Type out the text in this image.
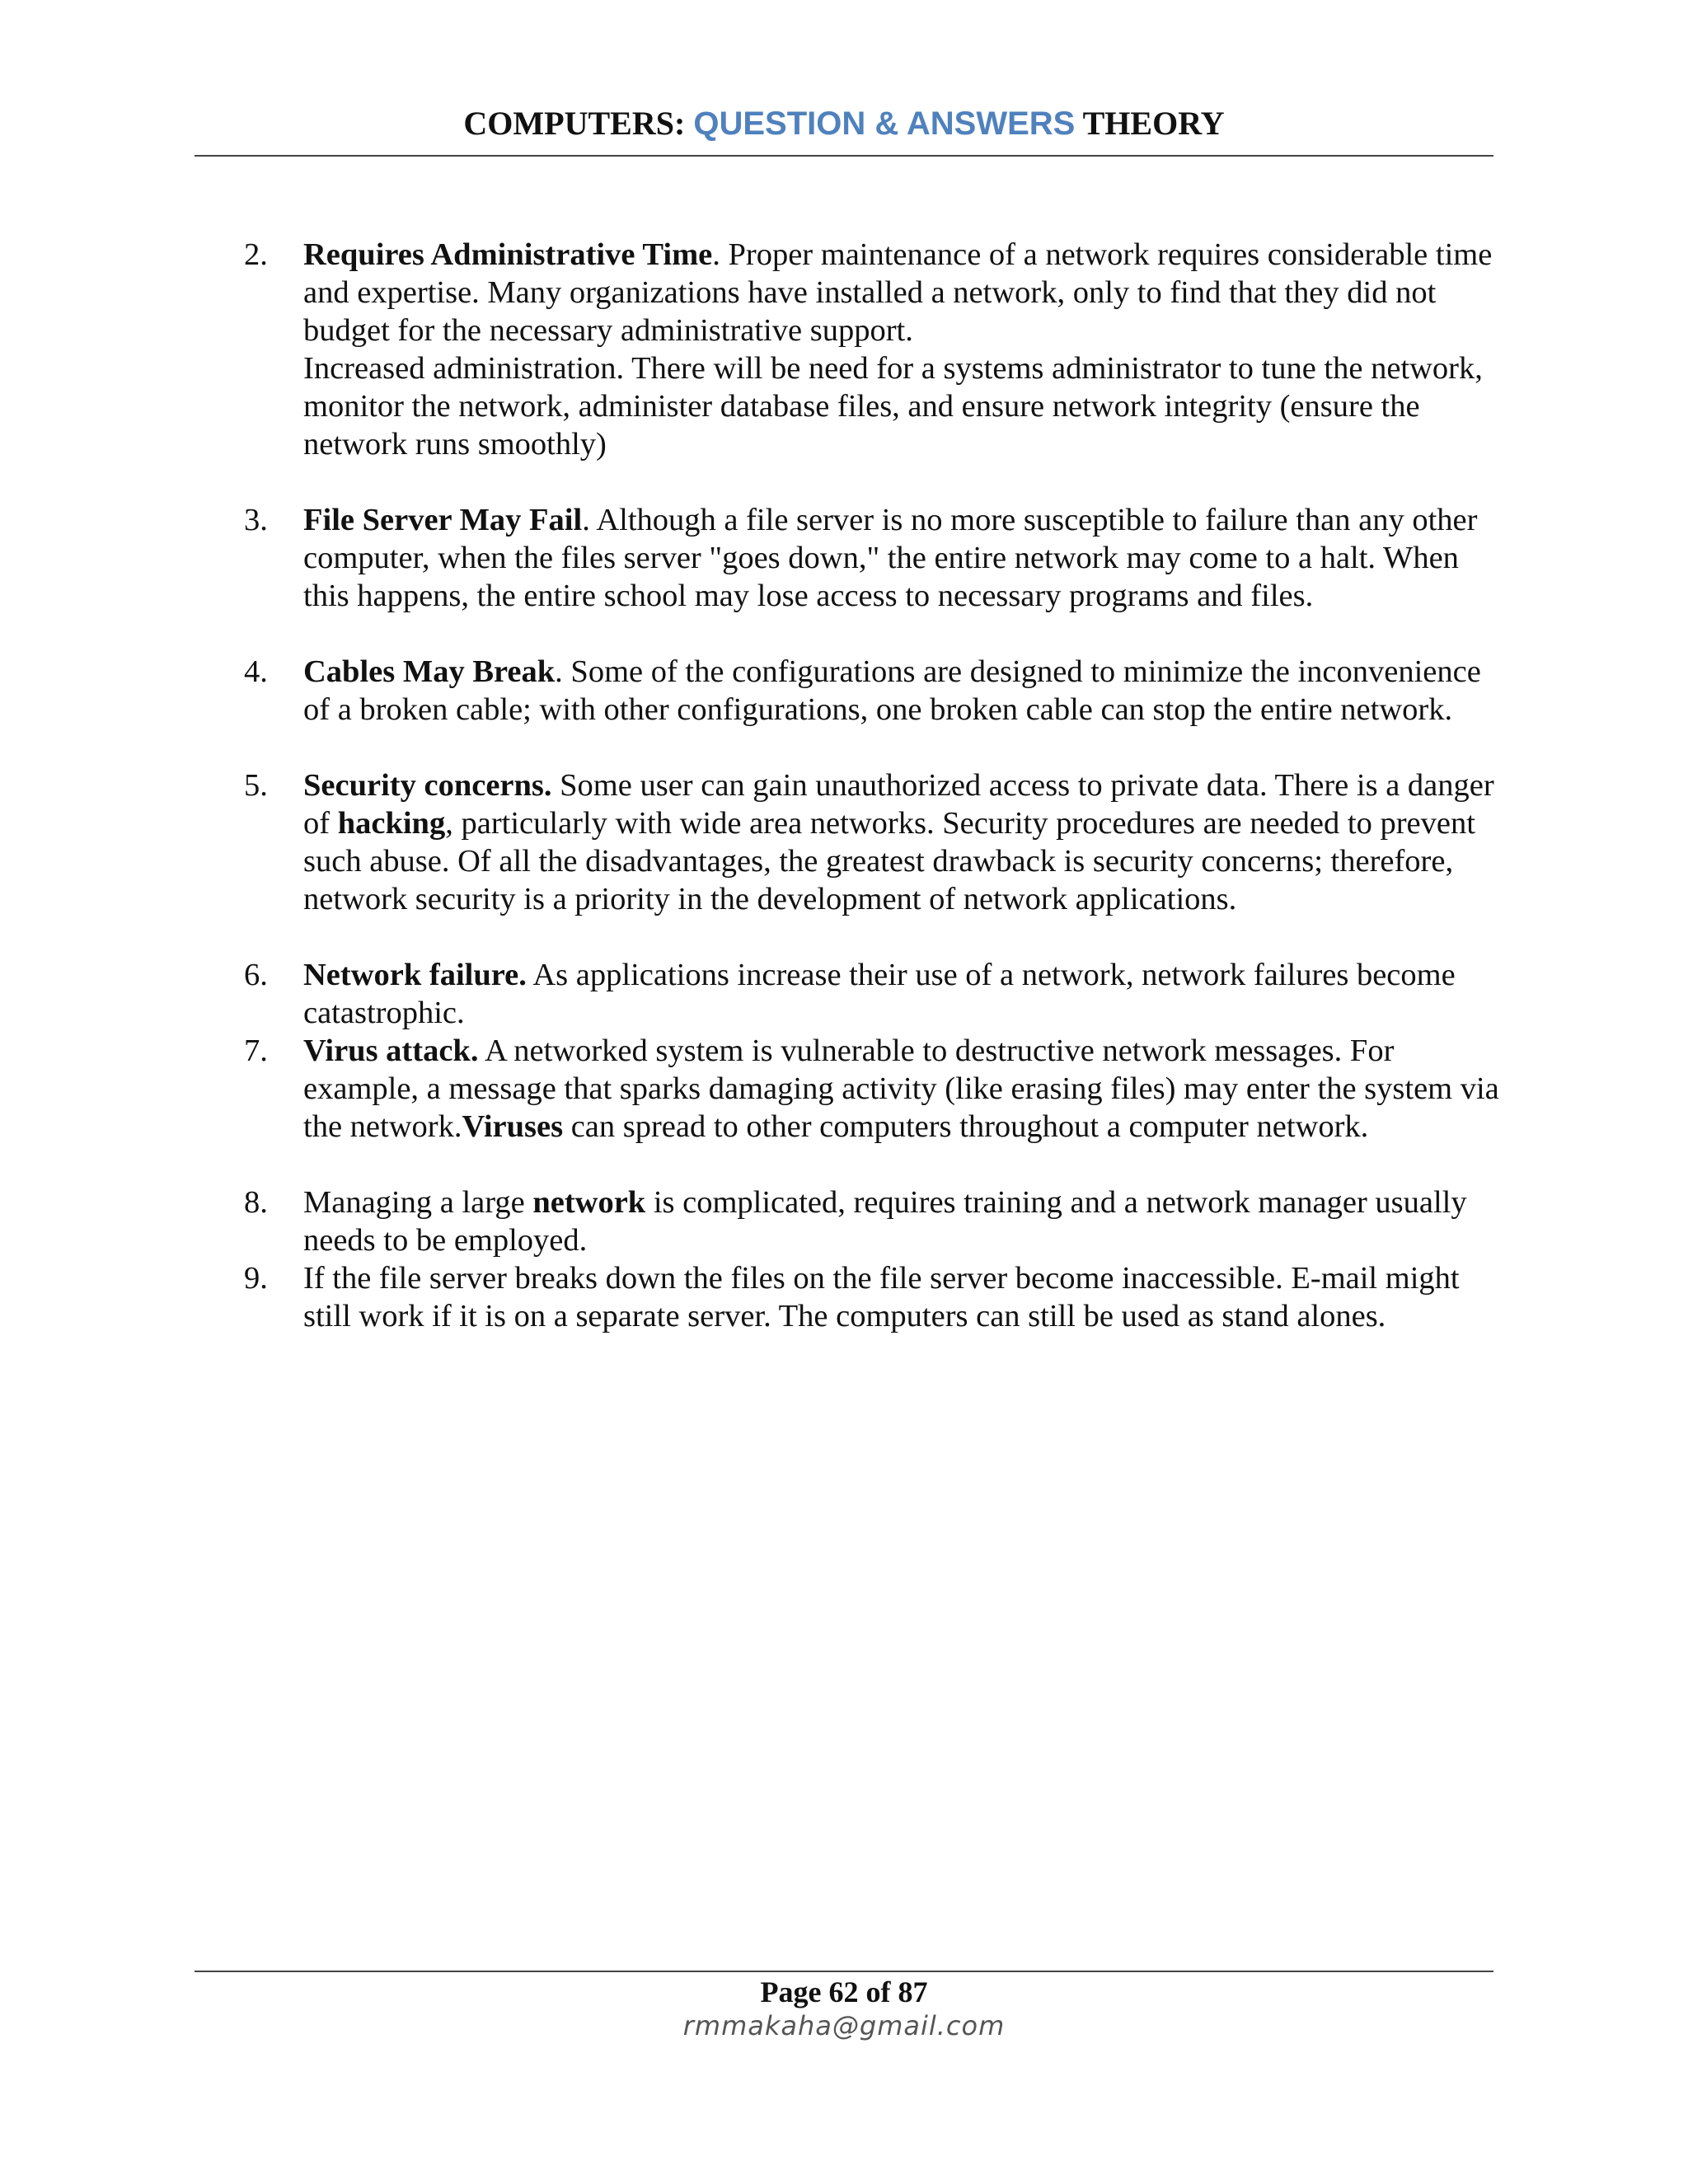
COMPUTERS: QUESTION & ANSWERS THEORY
2. Requires Administrative Time. Proper maintenance of a network requires considerable time and expertise. Many organizations have installed a network, only to find that they did not budget for the necessary administrative support.
Increased administration. There will be need for a systems administrator to tune the network, monitor the network, administer database files, and ensure network integrity (ensure the network runs smoothly)
3. File Server May Fail. Although a file server is no more susceptible to failure than any other computer, when the files server "goes down," the entire network may come to a halt. When this happens, the entire school may lose access to necessary programs and files.
4. Cables May Break. Some of the configurations are designed to minimize the inconvenience of a broken cable; with other configurations, one broken cable can stop the entire network.
5. Security concerns. Some user can gain unauthorized access to private data. There is a danger of hacking, particularly with wide area networks. Security procedures are needed to prevent such abuse. Of all the disadvantages, the greatest drawback is security concerns; therefore, network security is a priority in the development of network applications.
6. Network failure. As applications increase their use of a network, network failures become catastrophic.
7. Virus attack. A networked system is vulnerable to destructive network messages. For example, a message that sparks damaging activity (like erasing files) may enter the system via the network.Viruses can spread to other computers throughout a computer network.
8. Managing a large network is complicated, requires training and a network manager usually needs to be employed.
9. If the file server breaks down the files on the file server become inaccessible. E-mail might still work if it is on a separate server. The computers can still be used as stand alones.
Page 62 of 87
rmmakaha@gmail.com
